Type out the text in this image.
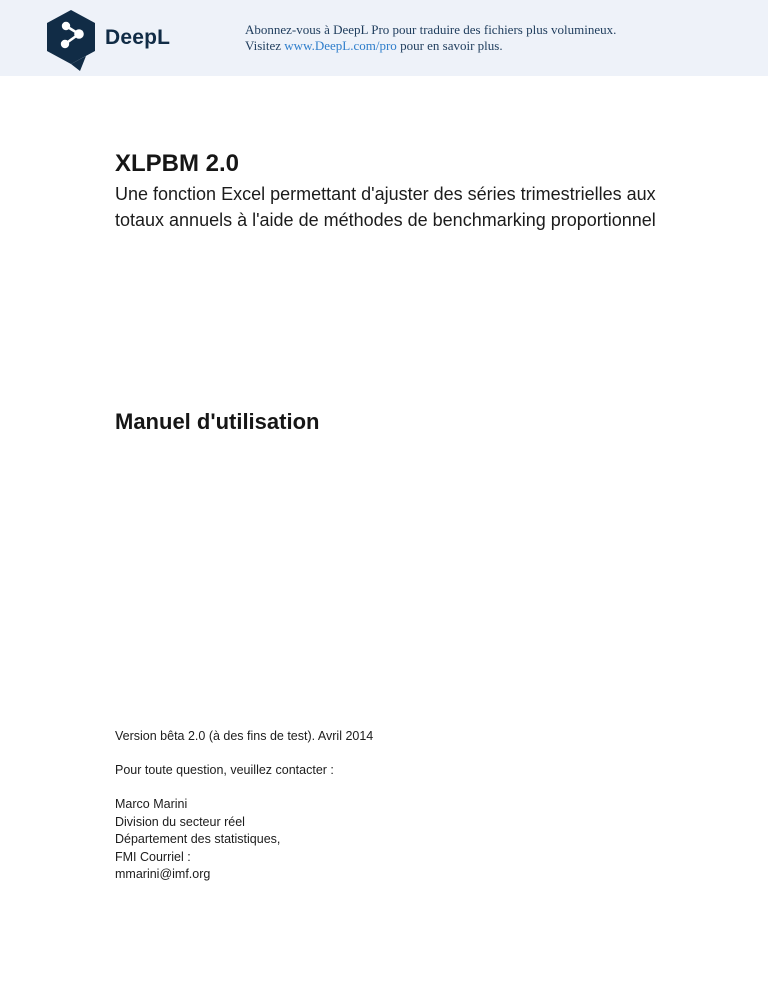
DeepL	Abonnez-vous à DeepL Pro pour traduire des fichiers plus volumineux.
Visitez www.DeepL.com/pro pour en savoir plus.
XLPBM 2.0
Une fonction Excel permettant d'ajuster des séries trimestrielles aux
totaux annuels à l'aide de méthodes de benchmarking proportionnel
Manuel d'utilisation

Version bêta 2.0 (à des fins de test). Avril 2014

Pour toute question, veuillez contacter :

Marco Marini
Division du secteur réel
Département des statistiques,
FMI Courriel :
mmarini@imf.org
